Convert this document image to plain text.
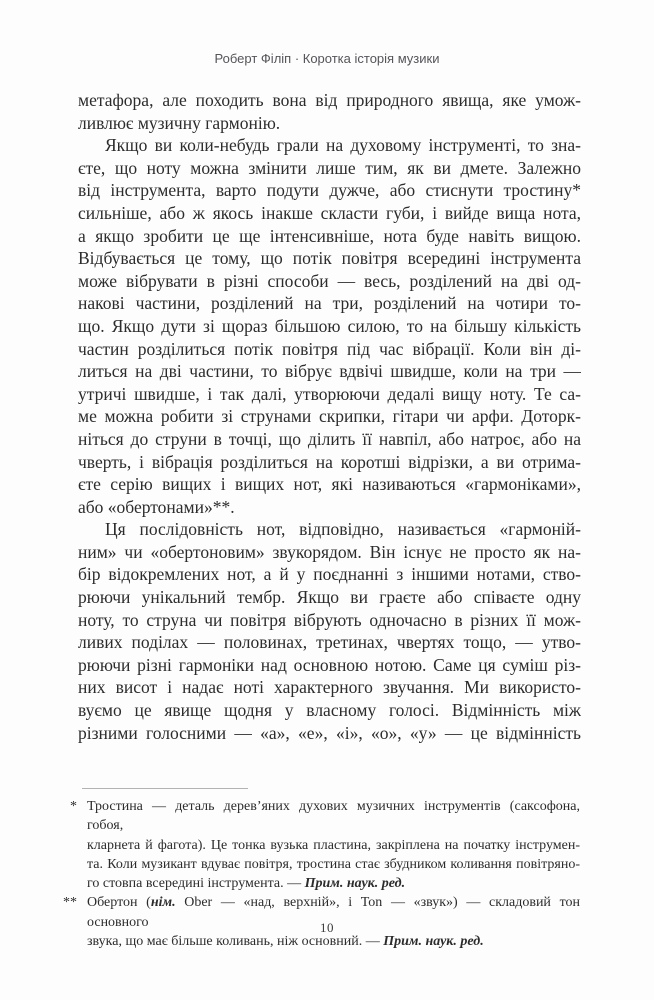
Роберт Філіп · Коротка історія музики
метафора, але походить вона від природного явища, яке умож-
ливлює музичну гармонію.
Якщо ви коли-небудь грали на духовому інструменті, то зна-
єте, що ноту можна змінити лише тим, як ви дмете. Залежно
від інструмента, варто подути дужче, або стиснути тростину*
сильніше, або ж якось інакше скласти губи, і вийде вища нота,
а якщо зробити це ще інтенсивніше, нота буде навіть вищою.
Відбувається це тому, що потік повітря всередині інструмента
може вібрувати в різні способи — весь, розділений на дві од-
накові частини, розділений на три, розділений на чотири то-
що. Якщо дути зі щораз більшою силою, то на більшу кількість
частин розділиться потік повітря під час вібрації. Коли він ді-
литься на дві частини, то вібрує вдвічі швидше, коли на три —
утричі швидше, і так далі, утворюючи дедалі вищу ноту. Те са-
ме можна робити зі струнами скрипки, гітари чи арфи. Доторк-
ніться до струни в точці, що ділить її навпіл, або натроє, або на
чверть, і вібрація розділиться на коротші відрізки, а ви отрима-
єте серію вищих і вищих нот, які називаються «гармоніками»,
або «обертонами»**.
Ця послідовність нот, відповідно, називається «гармоній-
ним» чи «обертоновим» звукорядом. Він існує не просто як на-
бір відокремлених нот, а й у поєднанні з іншими нотами, ство-
рюючи унікальний тембр. Якщо ви граєте або співаєте одну
ноту, то струна чи повітря вібрують одночасно в різних її мож-
ливих поділах — половинах, третинах, чвертях тощо, — утво-
рюючи різні гармоніки над основною нотою. Саме ця суміш різ-
них висот і надає ноті характерного звучання. Ми використо-
вуємо це явище щодня у власному голосі. Відмінність між
різними голосними — «а», «е», «і», «о», «у» — це відмінність
* Тростина — деталь дерев’яних духових музичних інструментів (саксофона, гобоя,
кларнета й фагота). Це тонка вузька пластина, закріплена на початку інструмен-
та. Коли музикант вдуває повітря, тростина стає збудником коливання повітряно-
го стовпа всередині інструмента. — Прим. наук. ред.
** Обертон (нім. Ober — «над, верхній», і Ton — «звук») — складовий тон основного
звука, що має більше коливань, ніж основний. — Прим. наук. ред.
10
